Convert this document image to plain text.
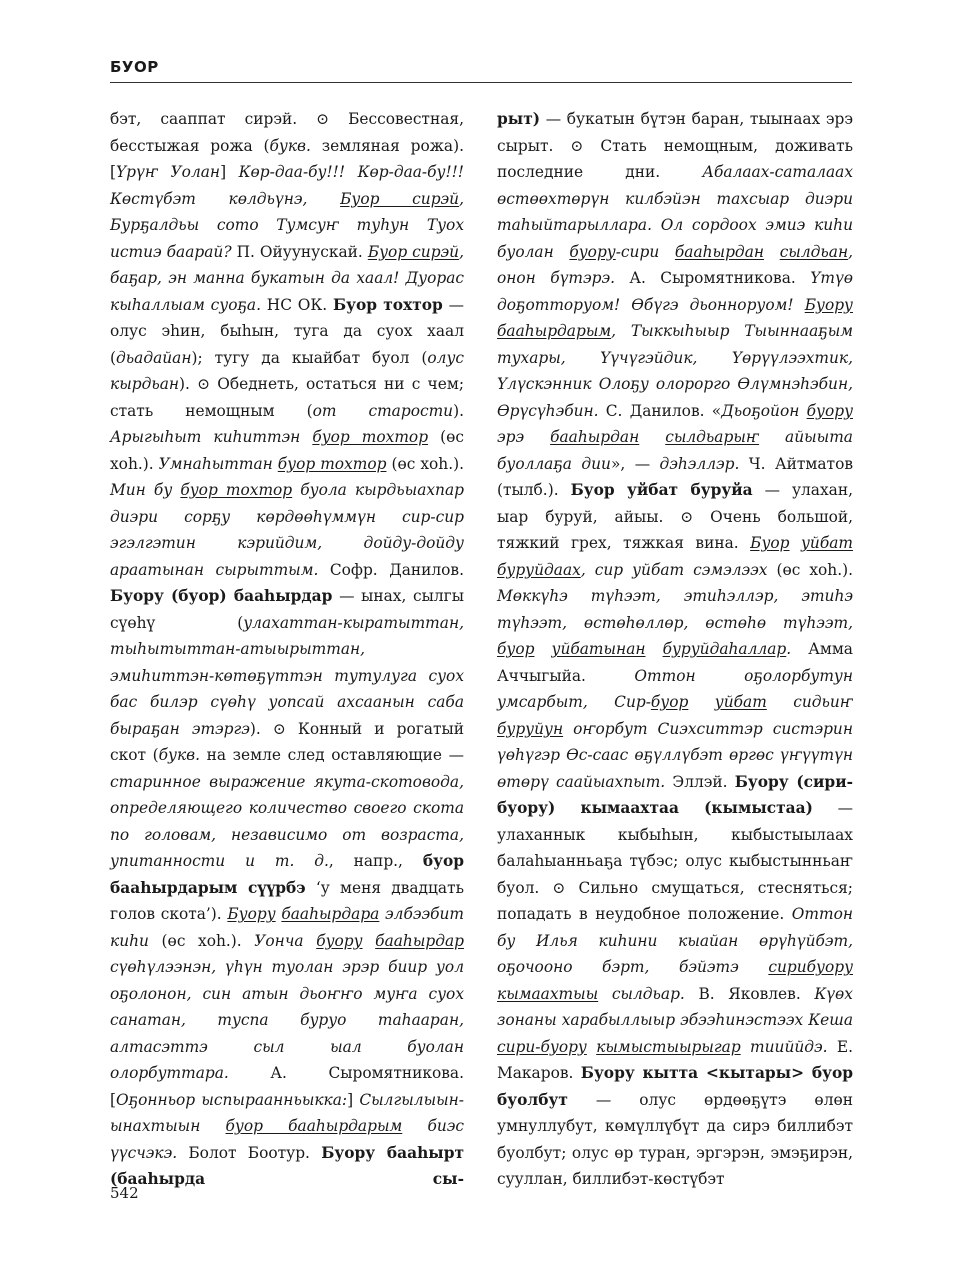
БУОР

бэт, сааппат сирэй. ⊙ Бессовестная, бесстыжая рожа (букв. земляная рожа). [Үрүҥ Уолан] Көр-даа-бу!!! Көр-даа-бу!!! Көстүбэт көлдьүнэ, Буор сирэй, Бурҕалдьы сото Тумсуҥ туһун Туох истиэ баарай? П. Ойуунускай. Буор сирэй, баҕар, эн манна букатын да хаал! Дуорас кыһаллыам суоҕа. НС ОК. Буор тохтор — олус эһин, быһын, туга да суох хаал (дьадайан); тугу да кыайбат буол (олус кырдьан). ⊙ Обеднеть, остаться ни с чем; стать немощным (от старости). Арыгыһыт киһиттэн буор тохтор (өс хоһ.). Умнаһыттан буор тохтор (өс хоһ.). Мин бу буор тохтор буола кырдьыахпар диэри сорҕу көрдөөһүммүн сир-сир эгэлгэтин кэрийдим, дойду-дойду араатынан сырыттым. Софр. Данилов. Буору (буор) бааһырдар — ынах, сылгы сүөһү (улахаттан-кыратыттан, тыһытыттан-атыырыттан, эмиһиттэн-көтөҕүттэн тутулуга суох бас билэр сүөһү уопсай ахсаанын саба быраҕан этэргэ). ⊙ Конный и рогатый скот (букв. на земле след оставляющие — старинное выражение якута-скотовода, определяющего количество своего скота по головам, независимо от возраста, упитанности и т. д., напр., буор бааһырдарым сүүрбэ ‘у меня двадцать голов скота’). Буору бааһырдара элбээбит киһи (өс хоһ.). Уонча буору бааһырдар сүөһүлээнэн, үһүн туолан эрэр биир уол оҕолонон, син атын дьоҥҥо муҥа суох санатан, туспа буруо таһааран, алтасэттэ сыл ыал буолан олорбуттара. А. Сыромятникова. [Оҕонньор ыспыраанньыкка:] Сылгылыын-ынахтыын буор бааһырдарым биэс үүсчэкэ. Болот Боотур. Буору бааһырт (бааһырда сы-

рыт) — букатын бүтэн баран, тыынаах эрэ сырыт. ⊙ Стать немощным, доживать последние дни. Абалаах-саталаах өстөөхтөрүн килбэйэн тахсыар диэри таһыйтарыллара. Ол сордоох эмиэ киһи буолан буору-сири бааһырдан сылдьан, онон бүтэрэ. А. Сыромятникова. Үтүө доҕотторуом! Өбүгэ дьонноруом! Буору бааһырдарым, Тыккыһыыр Тыыннааҕым тухары, Үүчүгэйдик, Үөрүүлээхтик, Үлүскэнник Олоҕу олорорго Өлүмнэһэбин, Өрүсүһэбин. С. Данилов. «Дьоҕойон буору эрэ бааһырдан сылдьарыҥ айыыта буоллаҕа дии», — дэһэллэр. Ч. Айтматов (тылб.). Буор уйбат буруйа — улахан, ыар буруй, айыы. ⊙ Очень большой, тяжкий грех, тяжкая вина. Буор уйбат буруйдаах, сир уйбат сэмэлээх (өс хоһ.). Мөккүһэ түһээт, этиһэллэр, этиһэ түһээт, өстөһөллөр, өстөһө түһээт, буор уйбатынан буруйдаһаллар. Амма Аччыгыйа. Оттон оҕолорбутун умсарбыт, Сир-буор уйбат сидьиҥ буруйун оҥорбут Сиэхситтэр систэрин үөһүгэр Өс-саас өҕүллүбэт өргөс үҥүүтүн өтөрү саайыахпыт. Эллэй. Буору (сири-буору) кымаахтаа (кымыстаа) — улаханнык кыбыһын, кыбыстыылаах балаһыанньаҕа түбэс; олус кыбыстынньаҥ буол. ⊙ Сильно смущаться, стесняться; попадать в неудобное положение. Оттон бу Илья киһини кыайан өрүһүйбэт, оҕочооно бэрт, бэйэтэ сирибуору кымаахтыы сылдьар. В. Яковлев. Күөх зонаны харабыллыыр эбээһинэстээх Кеша сири-буору кымыстыырыгар тииййдэ. Е. Макаров. Буору кытта <кытары> буор буолбут — олус өрдөөҕүтэ өлөн умнуллубут, көмүллүбүт да сирэ биллибэт буолбут; олус өр туран, эргэрэн, эмэҕирэн, сууллан, биллибэт-көстүбэт

542
